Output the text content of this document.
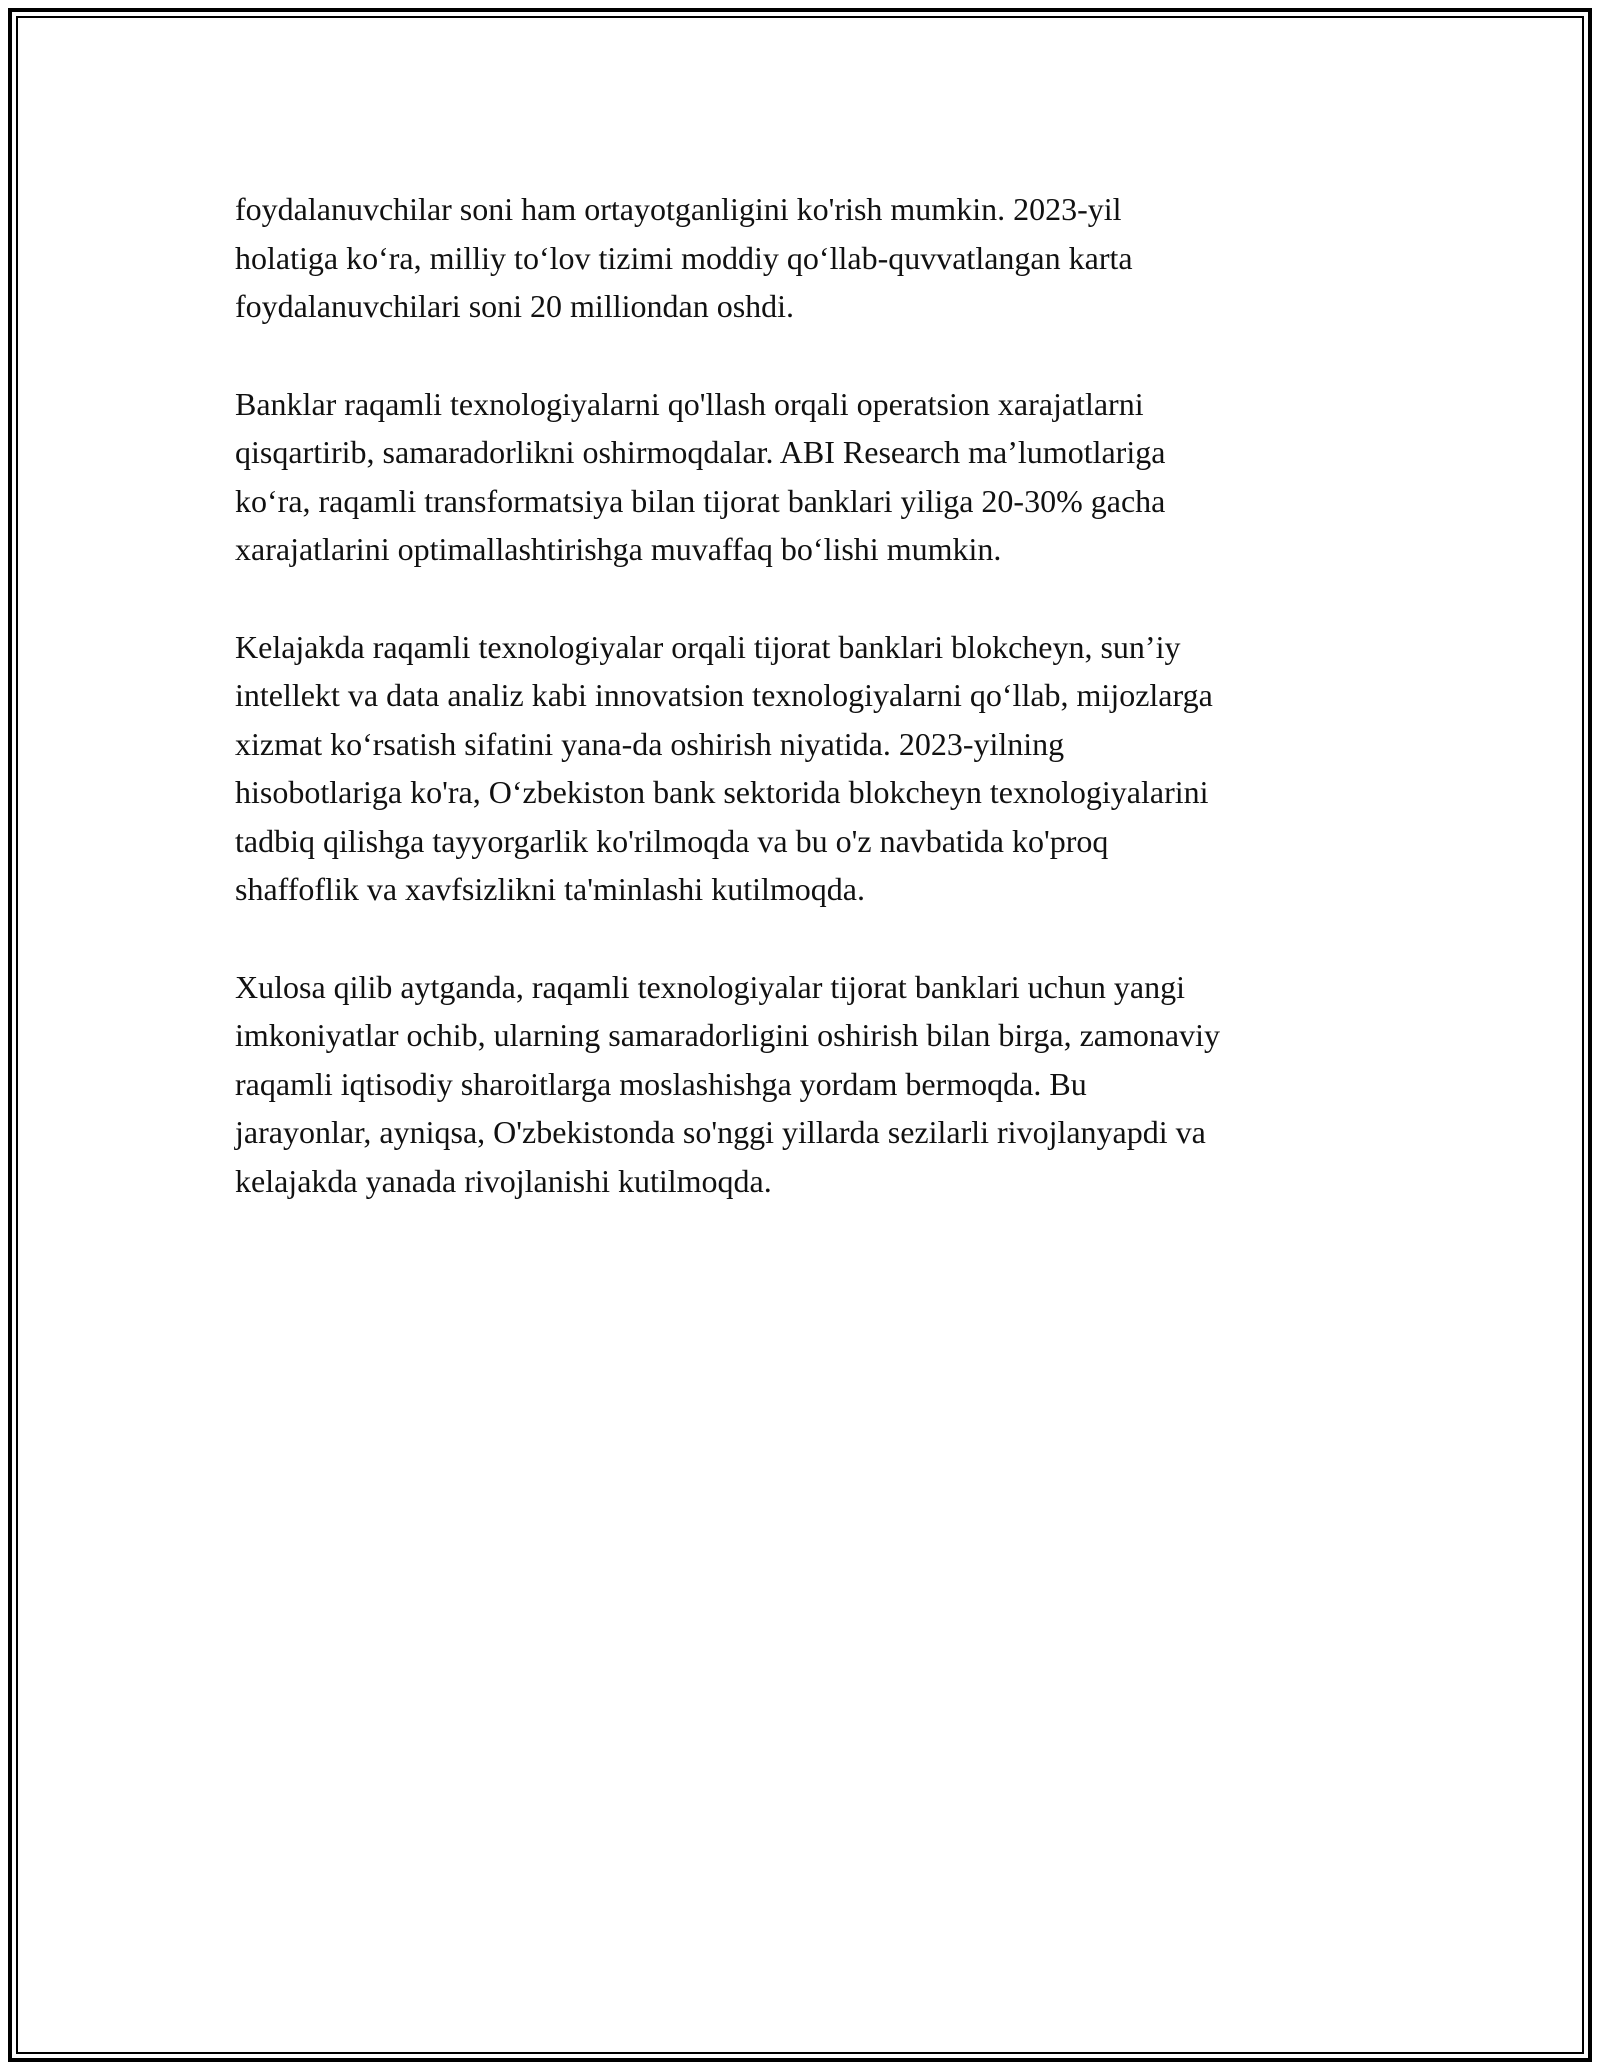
foydalanuvchilar soni ham ortayotganligini ko'rish mumkin. 2023-yil
holatiga ko‘ra, milliy to‘lov tizimi moddiy qo‘llab-quvvatlangan karta
foydalanuvchilari soni 20 milliondan oshdi.

Banklar raqamli texnologiyalarni qo'llash orqali operatsion xarajatlarni
qisqartirib, samaradorlikni oshirmoqdalar. ABI Research ma’lumotlariga
ko‘ra, raqamli transformatsiya bilan tijorat banklari yiliga 20-30% gacha
xarajatlarini optimallashtirishga muvaffaq bo‘lishi mumkin.

Kelajakda raqamli texnologiyalar orqali tijorat banklari blokcheyn, sun’iy
intellekt va data analiz kabi innovatsion texnologiyalarni qo‘llab, mijozlarga
xizmat ko‘rsatish sifatini yana-da oshirish niyatida. 2023-yilning
hisobotlariga ko'ra, O‘zbekiston bank sektorida blokcheyn texnologiyalarini
tadbiq qilishga tayyorgarlik ko'rilmoqda va bu o'z navbatida ko'proq
shaffoflik va xavfsizlikni ta'minlashi kutilmoqda.

Xulosa qilib aytganda, raqamli texnologiyalar tijorat banklari uchun yangi
imkoniyatlar ochib, ularning samaradorligini oshirish bilan birga, zamonaviy
raqamli iqtisodiy sharoitlarga moslashishga yordam bermoqda. Bu
jarayonlar, ayniqsa, O'zbekistonda so'nggi yillarda sezilarli rivojlanyapdi va
kelajakda yanada rivojlanishi kutilmoqda.
